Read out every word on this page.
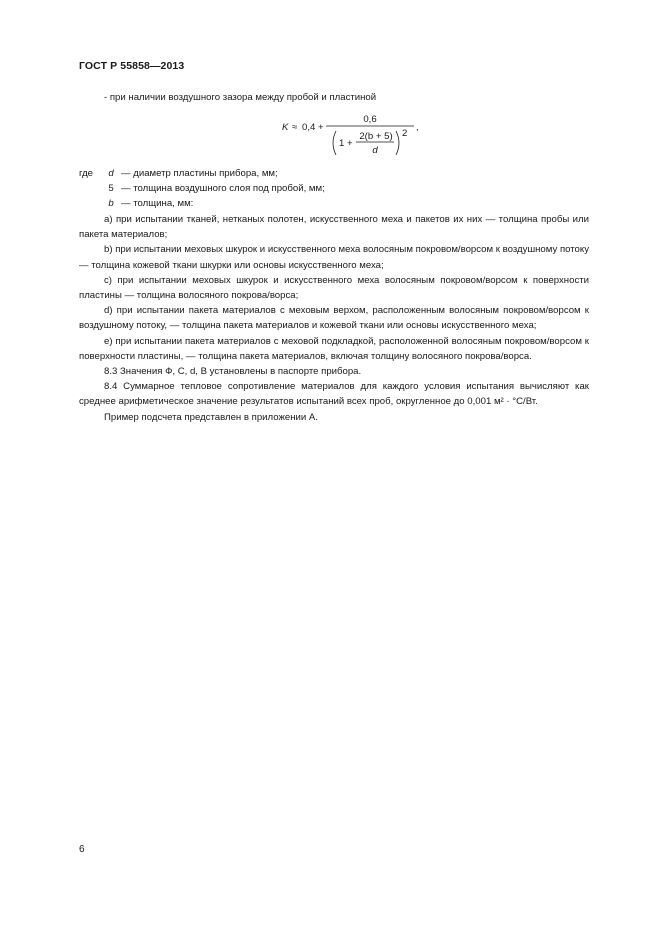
ГОСТ Р 55858—2013
- при наличии воздушного зазора между пробой и пластиной
K ≈ 0,4 +
0,6
1 +
2(b + 5)
d
2
,
где d — диаметр пластины прибора, мм;
5 — толщина воздушного слоя под пробой, мм;
b — толщина, мм:

а) при испытании тканей, нетканых полотен, искусственного меха и пакетов их них — толщина пробы или пакета материалов;

b) при испытании меховых шкурок и искусственного меха волосяным покровом/ворсом к воздушному потоку — толщина кожевой ткани шкурки или основы искусственного меха;

с) при испытании меховых шкурок и искусственного меха волосяным покровом/ворсом к поверхности пластины — толщина волосяного покрова/ворса;

d) при испытании пакета материалов с меховым верхом, расположенным волосяным покровом/ворсом к воздушному потоку, — толщина пакета материалов и кожевой ткани или основы искусственного меха;

е) при испытании пакета материалов с меховой подкладкой, расположенной волосяным покровом/ворсом к поверхности пластины, — толщина пакета материалов, включая толщину волосяного покрова/ворса.

8.3 Значения Ф, С, d, В установлены в паспорте прибора.

8.4 Суммарное тепловое сопротивление материалов для каждого условия испытания вычисляют как среднее арифметическое значение результатов испытаний всех проб, округленное до 0,001 м² · °С/Вт.

Пример подсчета представлен в приложении А.

6
